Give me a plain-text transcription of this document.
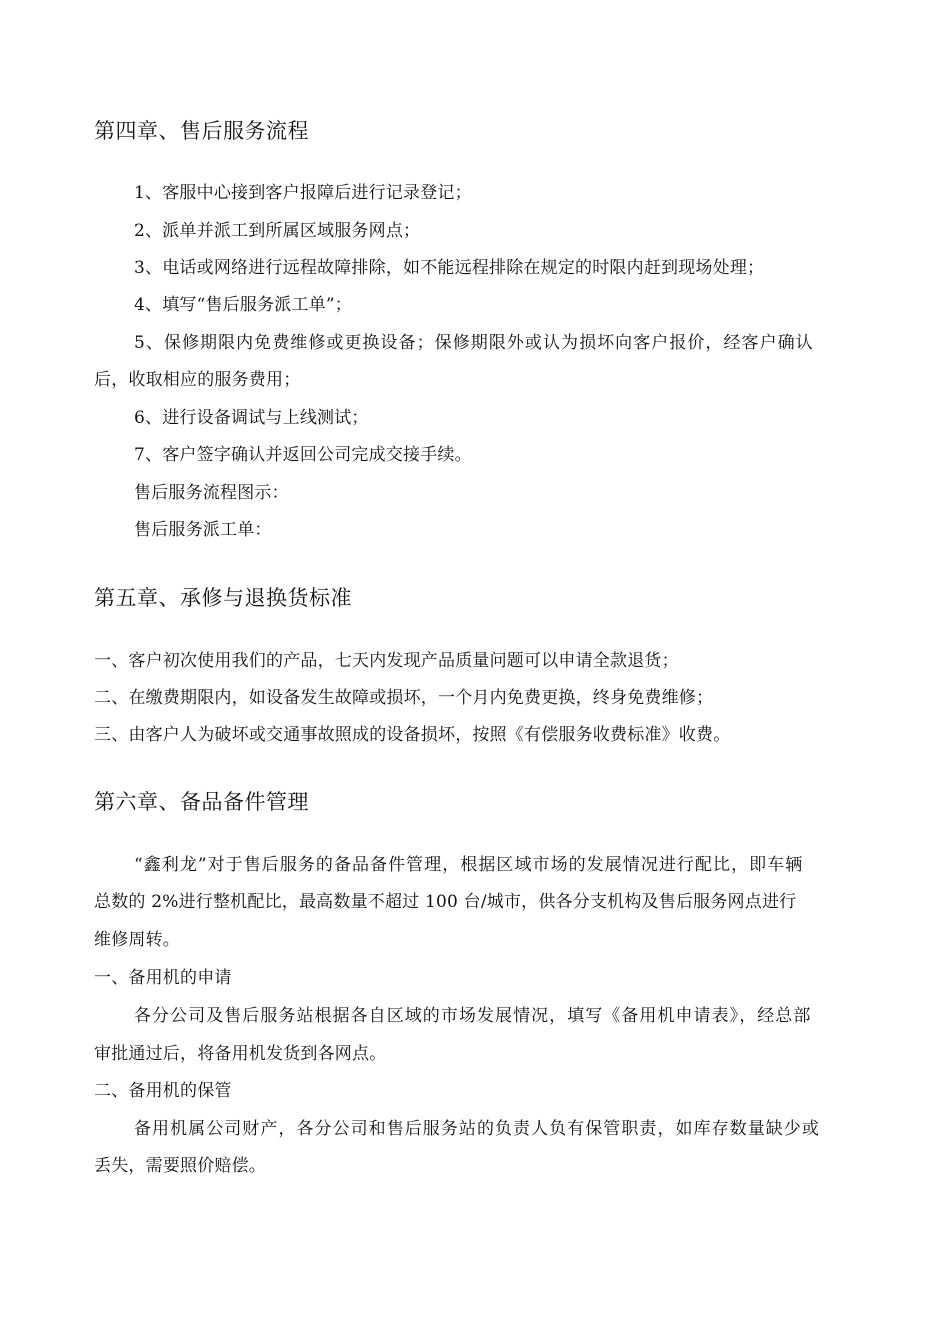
第四章、售后服务流程
1、客服中心接到客户报障后进行记录登记；
2、派单并派工到所属区域服务网点；
3、电话或网络进行远程故障排除，如不能远程排除在规定的时限内赶到现场处理；
4、填写“售后服务派工单”；
5、保修期限内免费维修或更换设备；保修期限外或认为损坏向客户报价，经客户确认
后，收取相应的服务费用；
6、进行设备调试与上线测试；
7、客户签字确认并返回公司完成交接手续。
售后服务流程图示：
售后服务派工单：
第五章、承修与退换货标准
一、客户初次使用我们的产品，七天内发现产品质量问题可以申请全款退货；
二、在缴费期限内，如设备发生故障或损坏，一个月内免费更换，终身免费维修；
三、由客户人为破坏或交通事故照成的设备损坏，按照《有偿服务收费标准》收费。
第六章、备品备件管理
“鑫利龙”对于售后服务的备品备件管理，根据区域市场的发展情况进行配比，即车辆
总数的 2%进行整机配比，最高数量不超过 100 台/城市，供各分支机构及售后服务网点进行
维修周转。
一、备用机的申请
各分公司及售后服务站根据各自区域的市场发展情况，填写《备用机申请表》，经总部
审批通过后，将备用机发货到各网点。
二、备用机的保管
备用机属公司财产，各分公司和售后服务站的负责人负有保管职责，如库存数量缺少或
丢失，需要照价赔偿。
